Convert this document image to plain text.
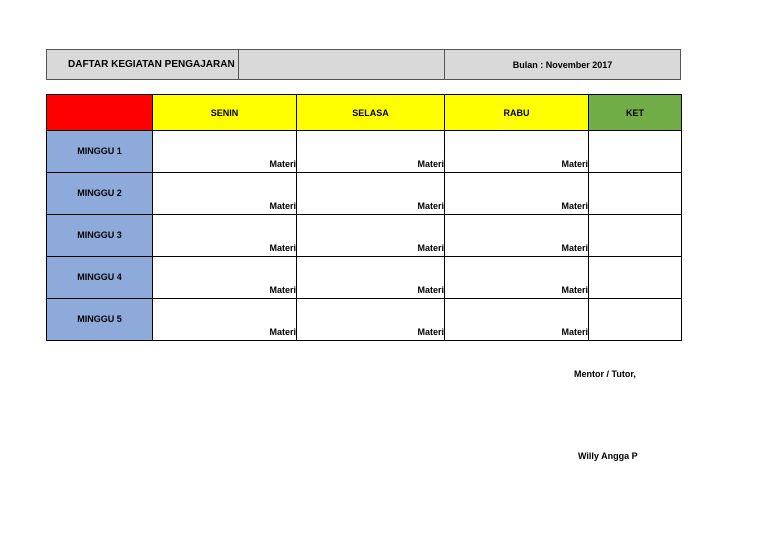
DAFTAR KEGIATAN PENGAJARAN	Bulan : November 2017
	SENIN	SELASA	RABU	KET
MINGGU 1	Materi	Materi	Materi	
MINGGU 2	Materi	Materi	Materi	
MINGGU 3	Materi	Materi	Materi	
MINGGU 4	Materi	Materi	Materi	
MINGGU 5	Materi	Materi	Materi	
Mentor / Tutor,
Willy Angga P
